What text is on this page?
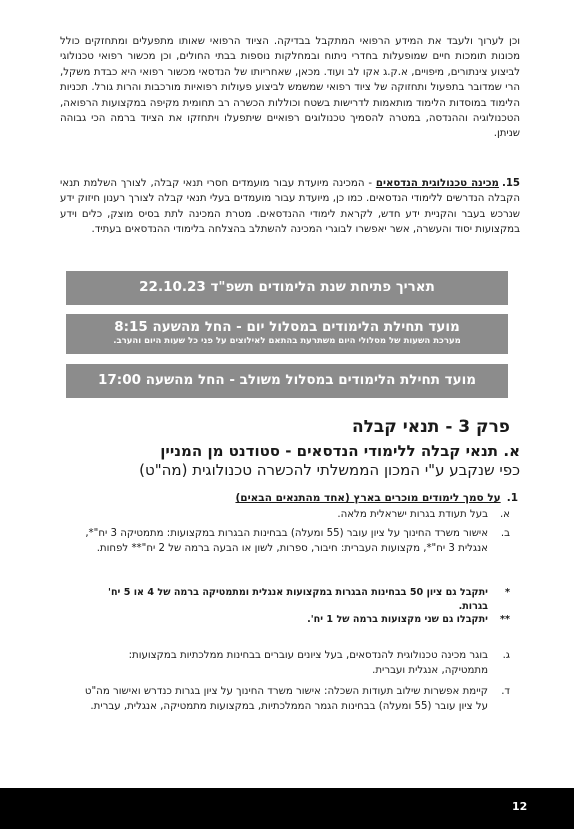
וכן לערוך ולעבד את המידע הרפואי המתקבל בבדיקה. הציוד הרפואי שאותו מתפעלים ומתחזקים כולל מכונות תומכות חיים שמופעלות בחדרי ניתוח ובמחלקות נוספות בבתי החולים, וכן מכשור רפואי טכנולוגי לביצוע צינתורים, מיפויים, א.ק.ג אקו לב ועוד. מכאן, שאחריותו של הנדסאי מכשור רפואי היא כבדת משקל, הרי שמדובר בתפעול ותחזוקה של ציוד רפואי שמשמש לביצוע פעולות רפואיות מורכבות והרות גורל. תכניות הלימוד במוסדות הלימוד מותאמות לדרישות בשטח וכוללות הכשרה רב תחומית מקיפה במקצועות הרפואה, הטכנולוגיה וההנדסה, במטרה להסמיך טכנולוגים רפואיים שיתפעלו ויתחזקו את הציוד ברמה הכי גבוהה שניתן.

15.מכינה טכנולוגית הנדסאים - המכינה מיועדת עבור מועמדים חסרי תנאי קבלה, לצורך השלמת תנאי הקבלה הנדרשים ללימודי הנדסאים. כמו כן, מיועדת עבור מועמדים בעלי תנאי קבלה לצורך רענון חיזוק ידע שנרכש בעבר והקניית ידע חדש, לקראת לימודי ההנדסאים. מטרת המכינה לתת בסיס מוצק, כלים וידע במקצועות יסוד והעשרה, אשר יאפשרו לבוגרי המכינה להשתלב בהצלחה בלימודי ההנדסאים בעתיד.

תאריך פתיחת שנת הלימודים תשפ"ד 22.10.23
מועד תחילת הלימודים במסלול יום - החל מהשעה 8:15
מערכת השעות של מסלולי היום משתרעת בהתאם לאילוצים על פני כל שעות היום והערב.
מועד תחילת הלימודים במסלול משולב - החל מהשעה 17:00
פרק 3 - תנאי קבלה
א.
תנאי קבלה ללימודי הנדסאים - סטודנט מן המניין
כפי שנקבע ע"י המכון הממשלתי להכשרה טכנולוגית (מה"ט)
1.על סמך לימודים מוכרים בארץ (אחד מהתנאים הבאים)
א.
בעל תעודת בגרות ישראלית מלאה.
ב.
אישור משרד החינוך על ציון עובר (55 ומעלה) בבחינות הבגרות במקצועות: מתמטיקה 3 יח"*, אנגלית 3 יח"*, מקצועות העברית: חיבור, ספרות, לשון או הבעה ברמה של 2 יח"** לפחות.
*
יתקבל גם ציון 50 בבחינות הבגרות במקצועות אנגלית ומתמטיקה ברמה של 4 או 5 יח' בגרות.
**
יתקבלו גם שני מקצועות ברמה של 1 יח'.
ג.
בוגר מכינה טכנולוגית להנדסאים, בעל ציונים עוברים בבחינות ממלכתיות במקצועות: מתמטיקה, אנגלית ועברית.
ד.
קיימת אפשרות שילוב תעודות השכלה: אישור משרד החינוך על ציון בגרות כנדרש ואישור מה"ט על ציון עובר (55 ומעלה) בבחינות הגמר הממלכתיות, במקצועות מתמטיקה, אנגלית, עברית.
12
